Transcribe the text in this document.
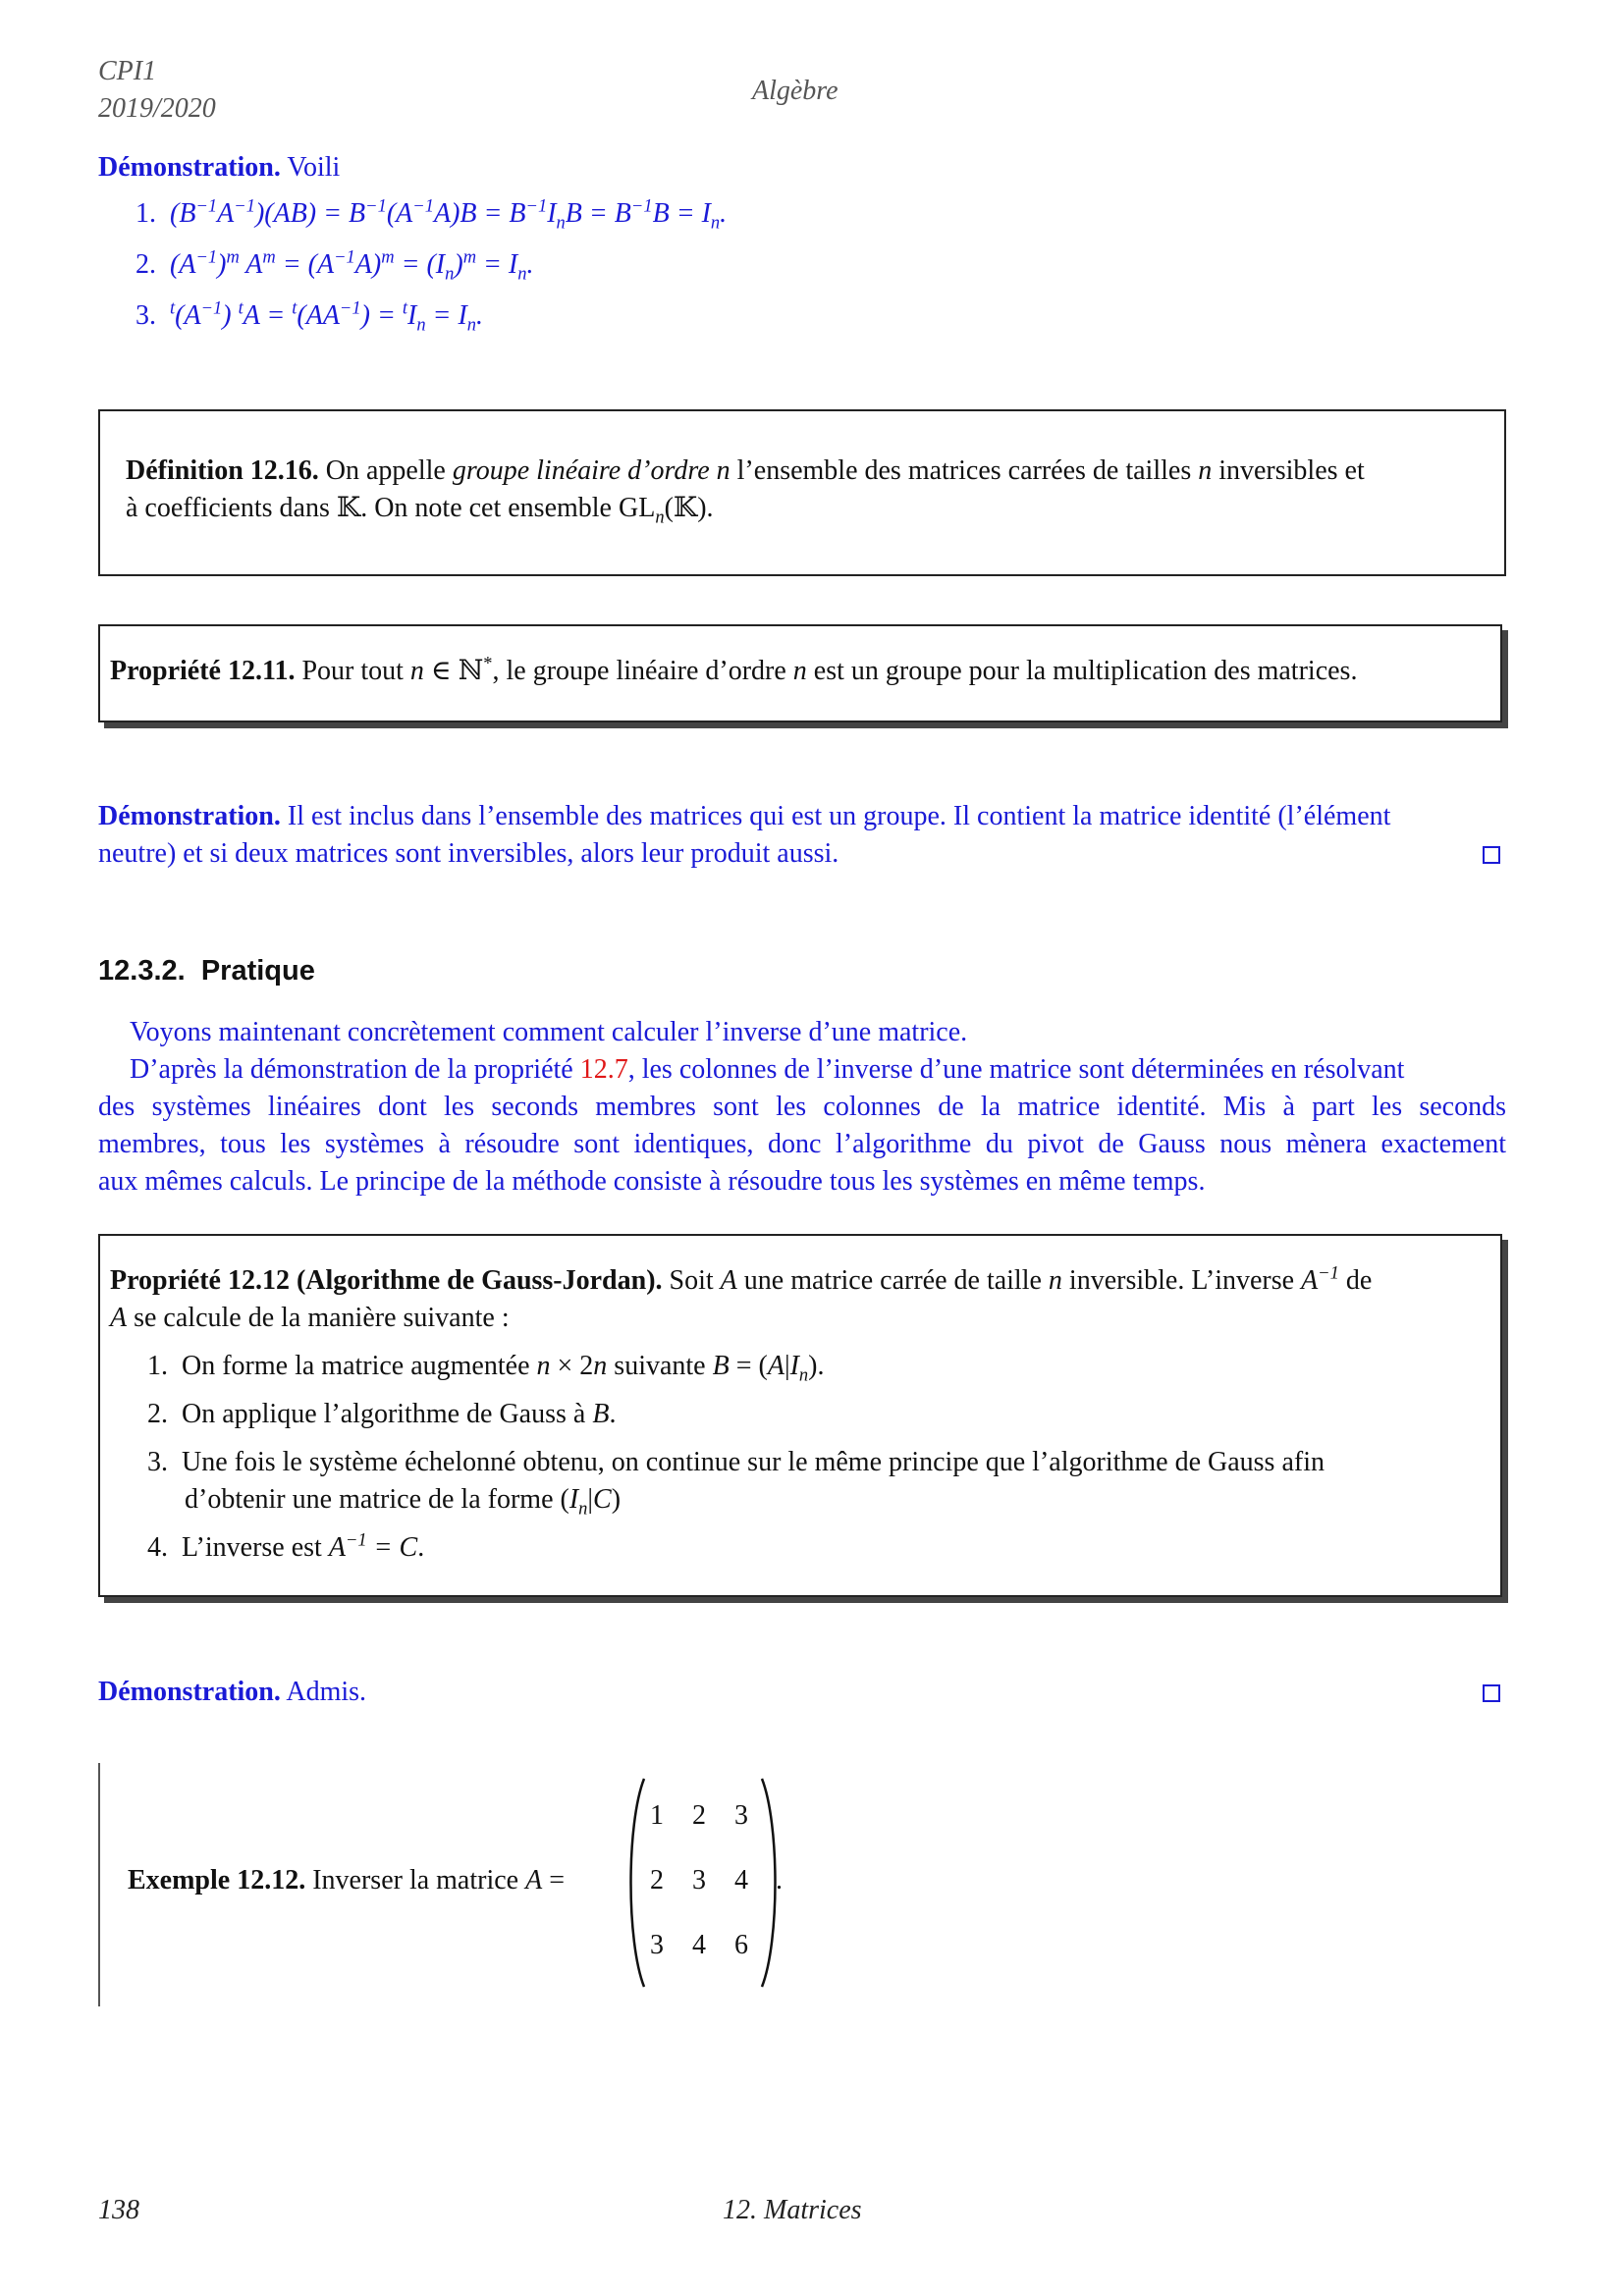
CPI1
2019/2020
Algèbre
Démonstration. Voili
1.  $(B^{-1}A^{-1})(AB) = B^{-1}(A^{-1}A)B = B^{-1}I_nB = B^{-1}B = I_n$.
2.  $(A^{-1})^m$ $A^m = (A^{-1}A)^m = (I_n)^m = I_n$.
3. $^t(A^{-1}) ^tA = ^t(AA^{-1}) = ^tI_n = I_n$.
Définition 12.16. On appelle groupe linéaire d’ordre n l’ensemble des matrices carrées de tailles n inversibles et
à coefficients dans 𝕂. On note cet ensemble $GL_n(𝕂)$.
Propriété 12.11. Pour tout n ∈ ℕ*, le groupe linéaire d’ordre n est un groupe pour la multiplication des matrices.
Démonstration. Il est inclus dans l’ensemble des matrices qui est un groupe. Il contient la matrice identité (l’élément
neutre) et si deux matrices sont inversibles, alors leur produit aussi.
12.3.2. Pratique
Voyons maintenant concrètement comment calculer l’inverse d’une matrice.
D’après la démonstration de la propriété 12.7, les colonnes de l’inverse d’une matrice sont déterminées en résolvant
des systèmes linéaires dont les seconds membres sont les colonnes de la matrice identité. Mis à part les seconds
membres, tous les systèmes à résoudre sont identiques, donc l’algorithme du pivot de Gauss nous mènera exactement
aux mêmes calculs. Le principe de la méthode consiste à résoudre tous les systèmes en même temps.
Propriété 12.12 (Algorithme de Gauss-Jordan). Soit A une matrice carrée de taille n inversible. L’inverse $A^{-1}$ de
A se calcule de la manière suivante :
1. On forme la matrice augmentée n × 2n suivante $B = (A|I_n)$.
2. On applique l’algorithme de Gauss à B.
3. Une fois le système échelonné obtenu, on continue sur le même principe que l’algorithme de Gauss afin
d’obtenir une matrice de la forme $(I_n|C)$
4. L’inverse est $A^{-1} = C$.
Démonstration. Admis.
Exemple 12.12. Inverser la matrice A =
1 2 3
2 3 4
3 4 6
.
138	12. Matrices
